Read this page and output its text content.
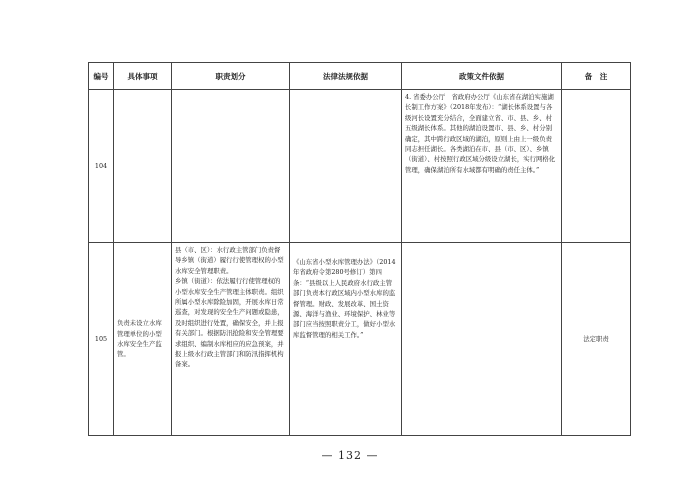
编号	具体事项	职责划分	法律法规依据	政策文件依据	备　注
104				4. 省委办公厅　省政府办公厅《山东省在湖泊实施湖长制工作方案》（2018年发布）：“湖长体系设置与各级河长设置充分结合，全面建立省、市、县、乡、村五级湖长体系。其他的湖泊设置市、县、乡、村分别确定，其中跨行政区域的湖泊，原则上由上一级负责同志担任湖长。各类湖泊在市、县（市、区）、乡镇（街道）、村按照行政区域分级设立湖长，实行网格化管理，确保湖泊所有水域都有明确的责任主体。”	

105	负责未设立水库管理单位的小型水库安全生产监管。	县（市、区）：水行政主管部门负责督导乡镇（街道）履行行使管理权的小型水库安全管理职责。
乡镇（街道）：依法履行行使管理权的小型水库安全生产管理主体职责。组织所属小型水库除险加固，开展水库日常巡查，对发现的安全生产问题或隐患，及时组织进行处置，确保安全，并上报有关部门。根据防汛抢险和安全管理要求组织、编制水库相应的应急预案，并报上级水行政主管部门和防汛指挥机构备案。	《山东省小型水库管理办法》（2014年省政府令第280号修订）第四条：“县级以上人民政府水行政主管部门负责本行政区域内小型水库的监督管理。财政、发展改革、国土资源、海洋与渔业、环境保护、林业等部门应当按照职责分工，做好小型水库监督管理的相关工作。”		法定职责
— 132 —
